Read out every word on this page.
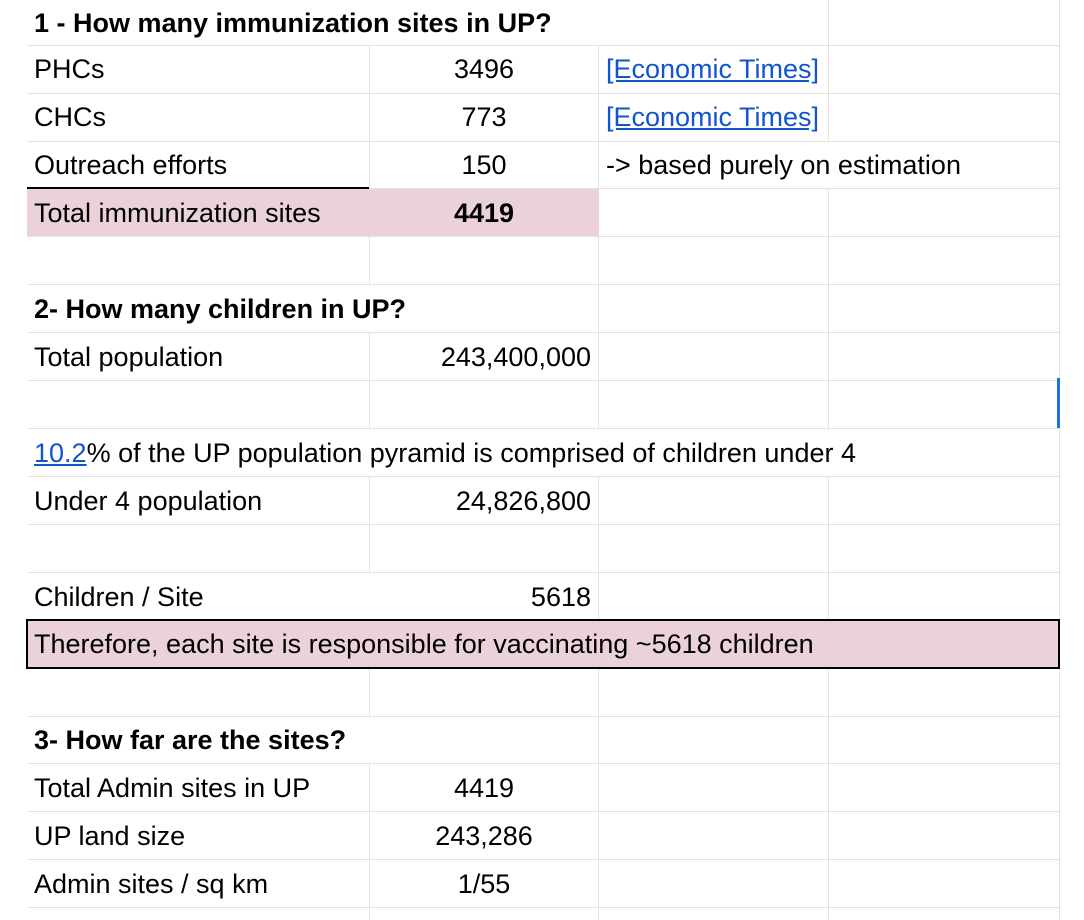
1 - How many immunization sites in UP?
PHCs	3496	[Economic Times]
CHCs	773	[Economic Times]
Outreach efforts	150	-> based purely on estimation
Total immunization sites	4419
2- How many children in UP?
Total population	243,400,000
10.2% of the UP population pyramid is comprised of children under 4
Under 4 population	24,826,800
Children / Site	5618
Therefore, each site is responsible for vaccinating ~5618 children
3- How far are the sites?
Total Admin sites in UP	4419
UP land size	243,286
Admin sites / sq km	1/55
